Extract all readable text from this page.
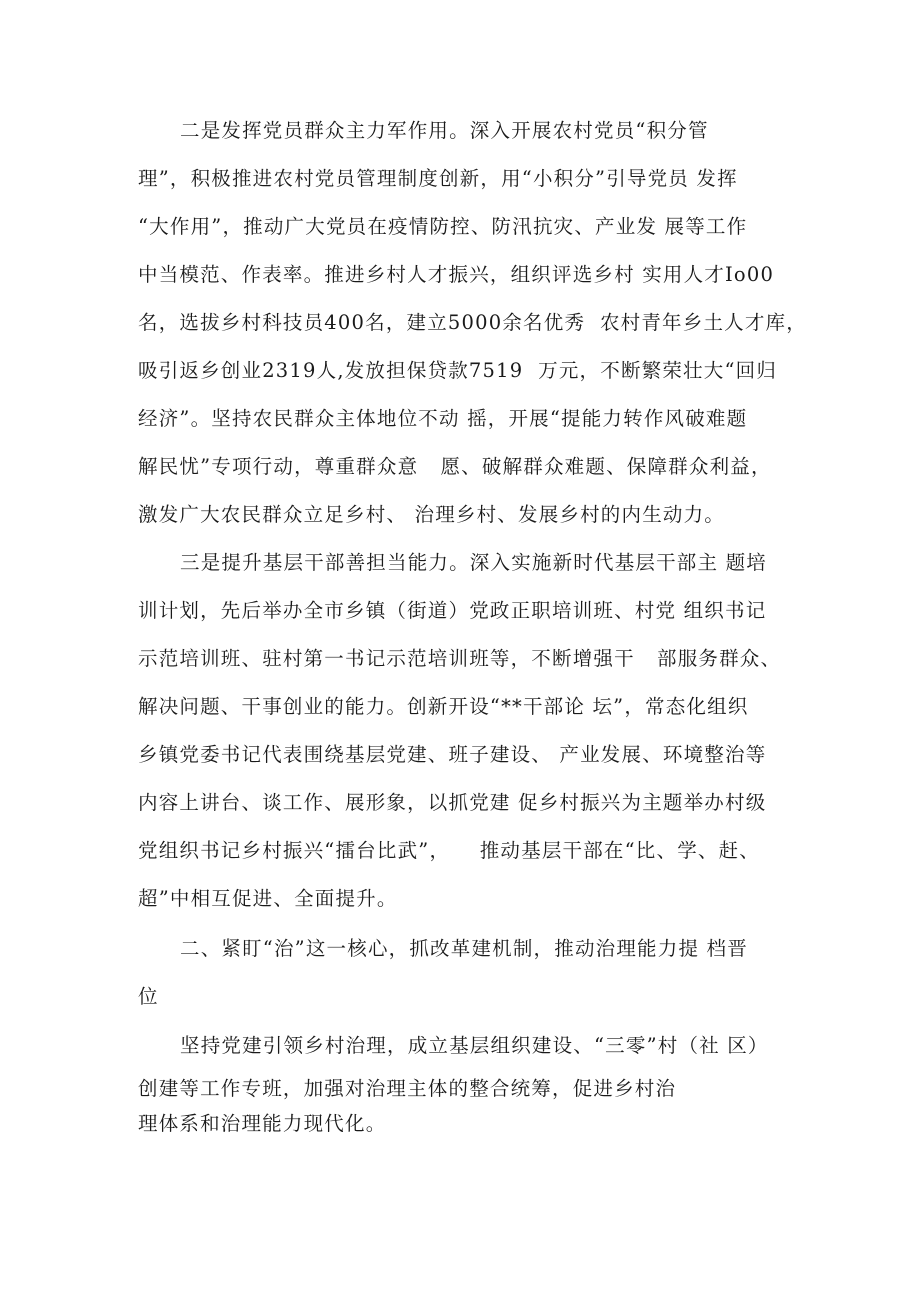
二是发挥党员群众主力军作用。深入开展农村党员“积分管
理”，积极推进农村党员管理制度创新，用“小积分”引导党员 发挥
“大作用”，推动广大党员在疫情防控、防汛抗灾、产业发 展等工作
中当模范、作表率。推进乡村人才振兴，组织评选乡村 实用人才Io00
名，选拔乡村科技员400名，建立5000余名优秀  农村青年乡土人才库，
吸引返乡创业2319人,发放担保贷款7519  万元，不断繁荣壮大“回归
经济”。坚持农民群众主体地位不动 摇，开展“提能力转作风破难题
解民忧”专项行动，尊重群众意   愿、破解群众难题、保障群众利益，
激发广大农民群众立足乡村、 治理乡村、发展乡村的内生动力。
三是提升基层干部善担当能力。深入实施新时代基层干部主 题培
训计划，先后举办全市乡镇（街道）党政正职培训班、村党 组织书记
示范培训班、驻村第一书记示范培训班等，不断增强干   部服务群众、
解决问题、干事创业的能力。创新开设“**干部论 坛”，常态化组织
乡镇党委书记代表围绕基层党建、班子建设、 产业发展、环境整治等
内容上讲台、谈工作、展形象，以抓党建 促乡村振兴为主题举办村级
党组织书记乡村振兴“擂台比武”，    推动基层干部在“比、学、赶、
超”中相互促进、全面提升。
二、紧盯“治”这一核心，抓改革建机制，推动治理能力提 档晋
位
坚持党建引领乡村治理，成立基层组织建设、“三零”村（社 区）
创建等工作专班，加强对治理主体的整合统筹，促进乡村治
理体系和治理能力现代化。
